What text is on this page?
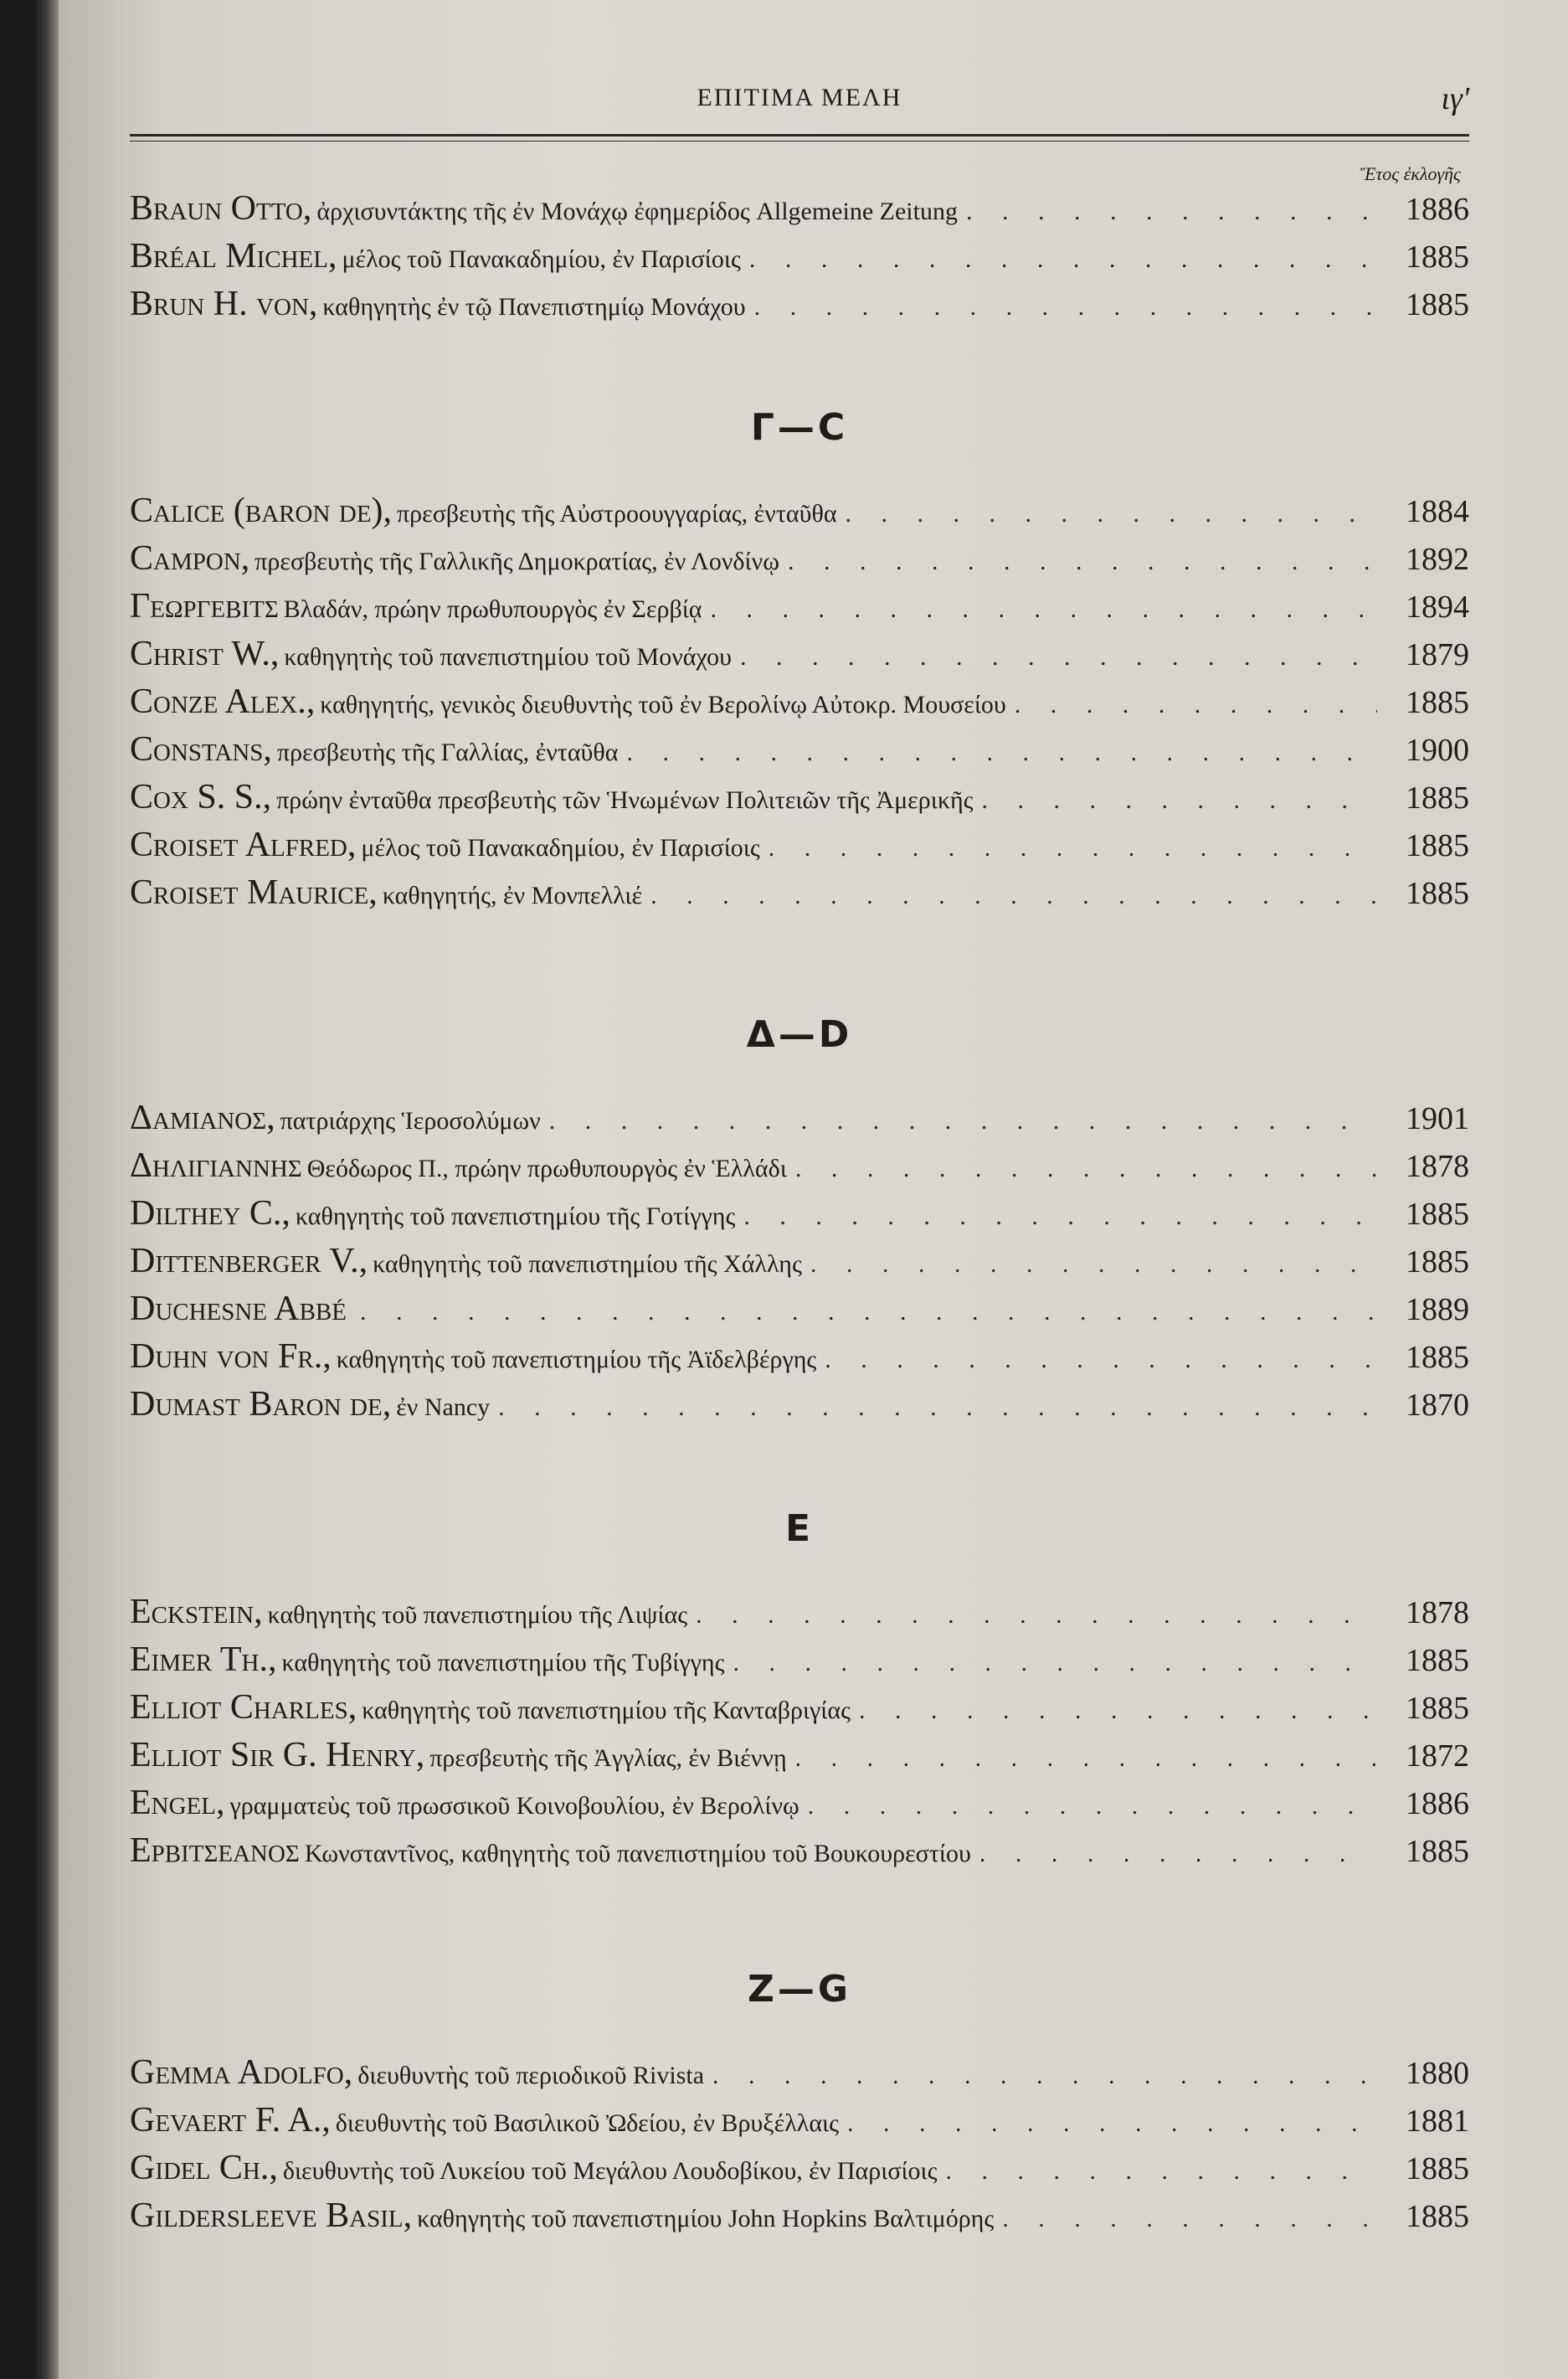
ΕΠΙΤΙΜΑ ΜΕΛΗ	ιγ'
Ἔτος ἐκλογῆς
Braun Otto, ἀρχισυντάκτης τῆς ἐν Μονάχῳ ἐφημερίδος Allgemeine Zeitung . . .	1886
Bréal Michel, μέλος τοῦ Πανακαδημίου, ἐν Παρισίοις . . .	1885
Brun H. von, καθηγητὴς ἐν τῷ Πανεπιστημίῳ Μονάχου . . .	1885
Γ—C
Calice (baron de), πρεσβευτὴς τῆς Αὐστροουγγαρίας, ἐνταῦθα . . .	1884
Campon, πρεσβευτὴς τῆς Γαλλικῆς Δημοκρατίας, ἐν Λονδίνῳ . . .	1892
Γεωργεβιτς Βλαδάν, πρώην πρωθυπουργὸς ἐν Σερβίᾳ . . .	1894
Christ W., καθηγητὴς τοῦ πανεπιστημίου τοῦ Μονάχου . . .	1879
Conze Alex., καθηγητής, γενικὸς διευθυντὴς τοῦ ἐν Βερολίνῳ Αὐτοκρ. Μουσείου . . .	1885
Constans, πρεσβευτὴς τῆς Γαλλίας, ἐνταῦθα . . .	1900
Cox S. S., πρώην ἐνταῦθα πρεσβευτὴς τῶν Ἡνωμένων Πολιτειῶν τῆς Ἀμερικῆς . . .	1885
Croiset Alfred, μέλος τοῦ Πανακαδημίου, ἐν Παρισίοις . . .	1885
Croiset Maurice, καθηγητής, ἐν Μονπελλιέ . . .	1885
Δ—D
Δαμιανος, πατριάρχης Ἱεροσολύμων . . .	1901
Δηλιγιαννης Θεόδωρος Π., πρώην πρωθυπουργὸς ἐν Ἑλλάδι . . .	1878
Dilthey C., καθηγητὴς τοῦ πανεπιστημίου τῆς Γοτίγγης . . .	1885
Dittenberger V., καθηγητὴς τοῦ πανεπιστημίου τῆς Χάλλης . . .	1885
Duchesne Abbé . . .	1889
Duhn von Fr., καθηγητὴς τοῦ πανεπιστημίου τῆς Ἀϊδελβέργης . . .	1885
Dumast Baron de, ἐν Nancy . . .	1870
E
Eckstein, καθηγητὴς τοῦ πανεπιστημίου τῆς Λιψίας . . .	1878
Eimer Th., καθηγητὴς τοῦ πανεπιστημίου τῆς Τυβίγγης . . .	1885
Elliot Charles, καθηγητὴς τοῦ πανεπιστημίου τῆς Κανταβριγίας . . .	1885
Elliot Sir G. Henry, πρεσβευτὴς τῆς Ἀγγλίας, ἐν Βιέννῃ . . .	1872
Engel, γραμματεὺς τοῦ πρωσσικοῦ Κοινοβουλίου, ἐν Βερολίνῳ . . .	1886
Ερβιτσεανος Κωνσταντῖνος, καθηγητὴς τοῦ πανεπιστημίου τοῦ Βουκουρεστίου . . .	1885
Z—G
Gemma Adolfo, διευθυντὴς τοῦ περιοδικοῦ Rivista . . .	1880
Gevaert F. A., διευθυντὴς τοῦ Βασιλικοῦ Ὠδείου, ἐν Βρυξέλλαις . . .	1881
Gidel Ch., διευθυντὴς τοῦ Λυκείου τοῦ Μεγάλου Λουδοβίκου, ἐν Παρισίοις . . .	1885
Gildersleeve Basil, καθηγητὴς τοῦ πανεπιστημίου John Hopkins Βαλτιμόρης . . .	1885
